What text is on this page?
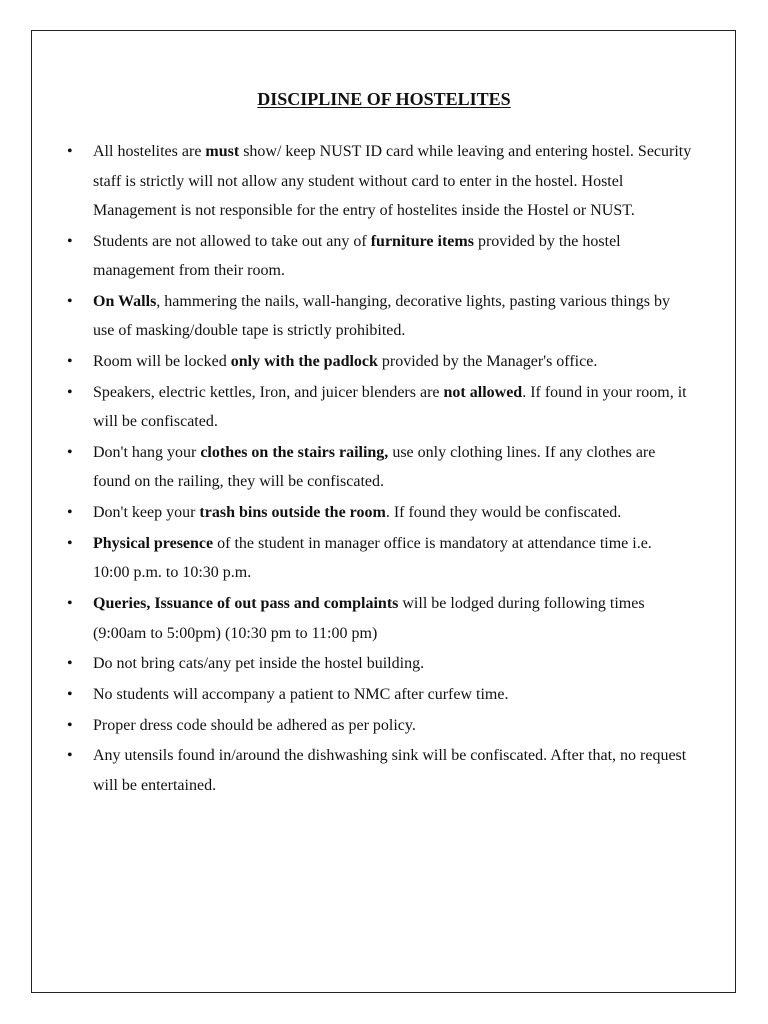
DISCIPLINE OF HOSTELITES
• All hostelites are must show/ keep NUST ID card while leaving and entering hostel. Security staff is strictly will not allow any student without card to enter in the hostel. Hostel Management is not responsible for the entry of hostelites inside the Hostel or NUST.
• Students are not allowed to take out any of furniture items provided by the hostel management from their room.
• On Walls, hammering the nails, wall-hanging, decorative lights, pasting various things by use of masking/double tape is strictly prohibited.
• Room will be locked only with the padlock provided by the Manager's office.
• Speakers, electric kettles, Iron, and juicer blenders are not allowed. If found in your room, it will be confiscated.
• Don't hang your clothes on the stairs railing, use only clothing lines. If any clothes are found on the railing, they will be confiscated.
• Don't keep your trash bins outside the room. If found they would be confiscated.
• Physical presence of the student in manager office is mandatory at attendance time i.e. 10:00 p.m. to 10:30 p.m.
• Queries, Issuance of out pass and complaints will be lodged during following times (9:00am to 5:00pm) (10:30 pm to 11:00 pm)
• Do not bring cats/any pet inside the hostel building.
• No students will accompany a patient to NMC after curfew time.
• Proper dress code should be adhered as per policy.
• Any utensils found in/around the dishwashing sink will be confiscated. After that, no request will be entertained.
